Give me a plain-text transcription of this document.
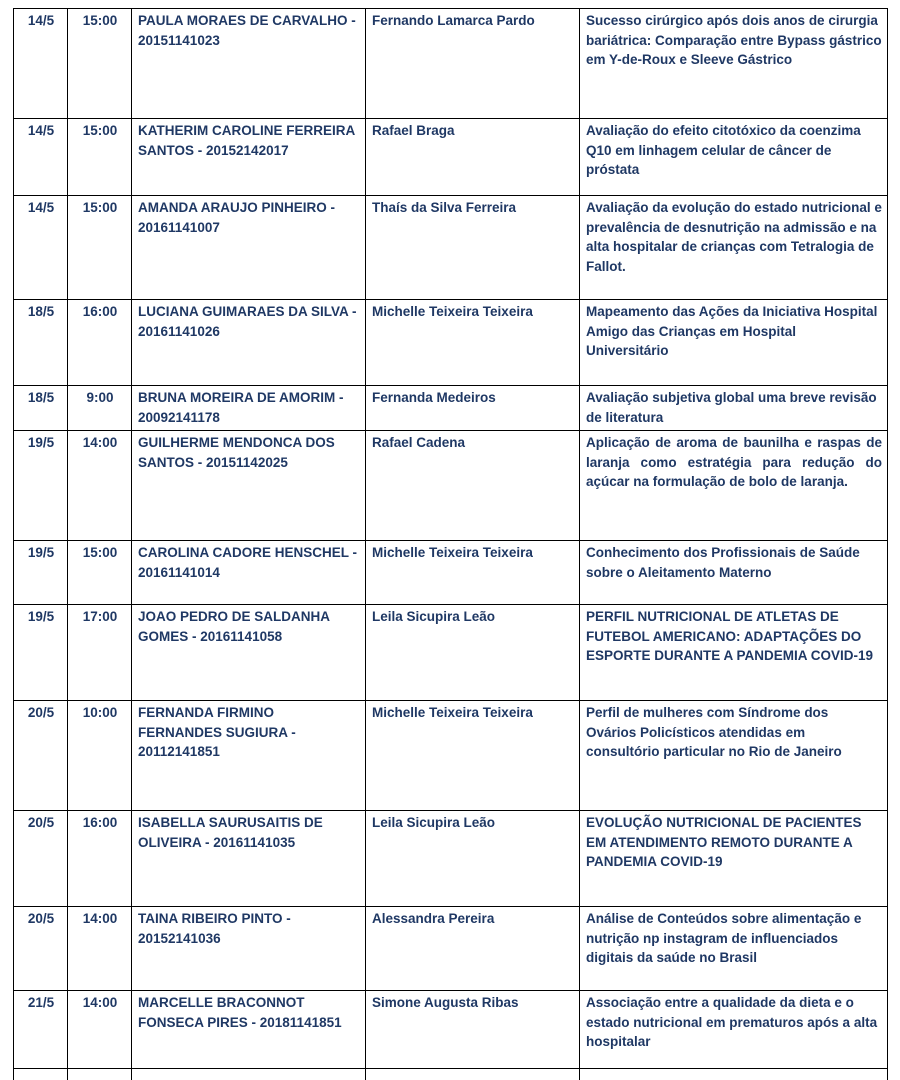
14/5	15:00	PAULA MORAES DE CARVALHO - 20151141023	Fernando Lamarca Pardo	Sucesso cirúrgico após dois anos de cirurgia bariátrica: Comparação entre Bypass gástrico em Y-de-Roux e Sleeve Gástrico
14/5	15:00	KATHERIM CAROLINE FERREIRA SANTOS - 20152142017	Rafael Braga	Avaliação do efeito citotóxico da coenzima Q10 em linhagem celular de câncer de próstata
14/5	15:00	AMANDA ARAUJO PINHEIRO - 20161141007	Thaís da Silva Ferreira	Avaliação da evolução do estado nutricional e prevalência de desnutrição na admissão e na alta hospitalar de crianças com Tetralogia de Fallot.
18/5	16:00	LUCIANA GUIMARAES DA SILVA - 20161141026	Michelle Teixeira Teixeira	Mapeamento das Ações da Iniciativa Hospital Amigo das Crianças em Hospital Universitário
18/5	9:00	BRUNA MOREIRA DE AMORIM - 20092141178	Fernanda Medeiros	Avaliação subjetiva global uma breve revisão de literatura
19/5	14:00	GUILHERME MENDONCA DOS SANTOS - 20151142025	Rafael Cadena	Aplicação de aroma de baunilha e raspas de laranja como estratégia para redução do açúcar na formulação de bolo de laranja.
19/5	15:00	CAROLINA CADORE HENSCHEL - 20161141014	Michelle Teixeira Teixeira	Conhecimento dos Profissionais de Saúde sobre o Aleitamento Materno
19/5	17:00	JOAO PEDRO DE SALDANHA GOMES - 20161141058	Leila Sicupira Leão	PERFIL NUTRICIONAL DE ATLETAS DE FUTEBOL AMERICANO: ADAPTAÇÕES DO ESPORTE DURANTE A PANDEMIA COVID-19
20/5	10:00	FERNANDA FIRMINO FERNANDES SUGIURA - 20112141851	Michelle Teixeira Teixeira	Perfil de mulheres com Síndrome dos Ovários Policísticos atendidas em consultório particular no Rio de Janeiro
20/5	16:00	ISABELLA SAURUSAITIS DE OLIVEIRA - 20161141035	Leila Sicupira Leão	EVOLUÇÃO NUTRICIONAL DE PACIENTES EM ATENDIMENTO REMOTO DURANTE A PANDEMIA COVID-19
20/5	14:00	TAINA RIBEIRO PINTO - 20152141036	Alessandra Pereira	Análise de Conteúdos sobre alimentação e nutrição np instagram de influenciados digitais da saúde no Brasil
21/5	14:00	MARCELLE BRACONNOT FONSECA PIRES - 20181141851	Simone Augusta Ribas	Associação entre a qualidade da dieta e o estado nutricional em prematuros após a alta hospitalar
